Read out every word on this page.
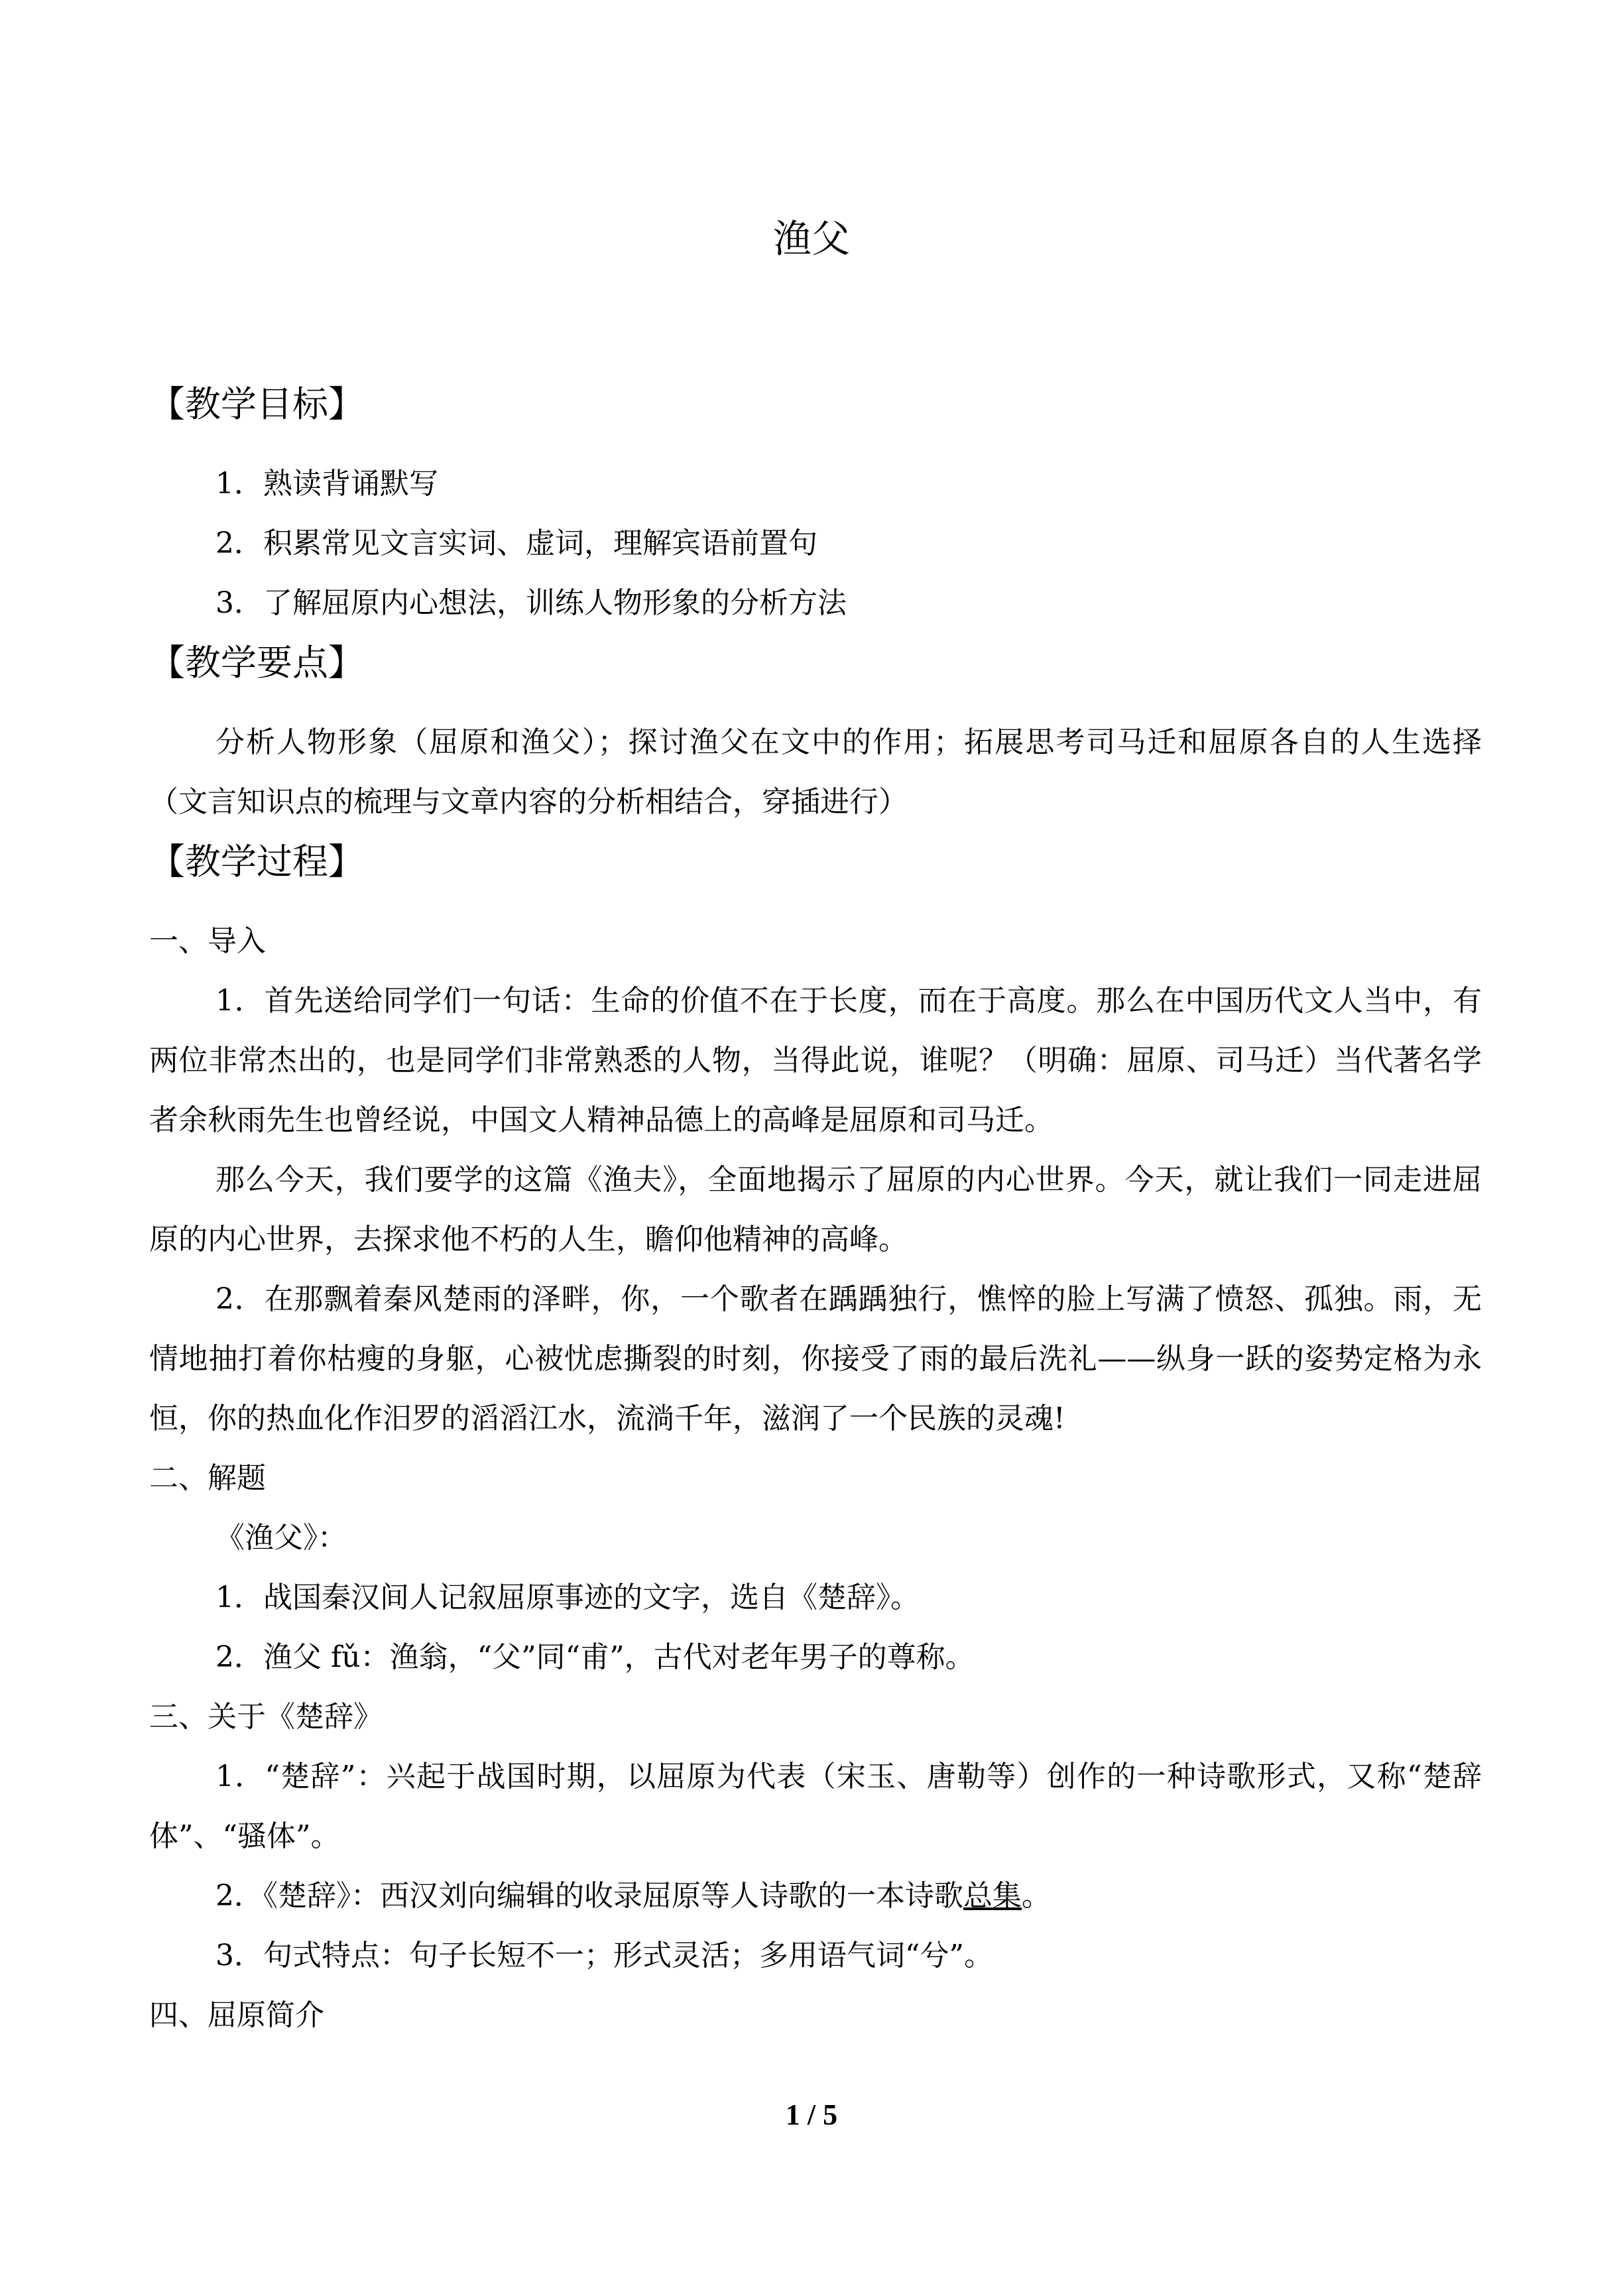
渔父
【教学目标】
1．熟读背诵默写
2．积累常见文言实词、虚词，理解宾语前置句
3．了解屈原内心想法，训练人物形象的分析方法
【教学要点】

分析人物形象（屈原和渔父）；探讨渔父在文中的作用；拓展思考司马迁和屈原各自的人生选择（文言知识点的梳理与文章内容的分析相结合，穿插进行）

【教学过程】

一、导入

1．首先送给同学们一句话：生命的价值不在于长度，而在于高度。那么在中国历代文人当中，有两位非常杰出的，也是同学们非常熟悉的人物，当得此说，谁呢？（明确：屈原、司马迁）当代著名学者余秋雨先生也曾经说，中国文人精神品德上的高峰是屈原和司马迁。

那么今天，我们要学的这篇《渔夫》，全面地揭示了屈原的内心世界。今天，就让我们一同走进屈原的内心世界，去探求他不朽的人生，瞻仰他精神的高峰。

2．在那飘着秦风楚雨的泽畔，你，一个歌者在踽踽独行，憔悴的脸上写满了愤怒、孤独。雨，无情地抽打着你枯瘦的身躯，心被忧虑撕裂的时刻，你接受了雨的最后洗礼——纵身一跃的姿势定格为永恒，你的热血化作汨罗的滔滔江水，流淌千年，滋润了一个民族的灵魂!

二、解题

《渔父》：

1．战国秦汉间人记叙屈原事迹的文字，选自《楚辞》。

2．渔父 fǔ：渔翁，“父”同“甫”，古代对老年男子的尊称。

三、关于《楚辞》

1．“楚辞”：兴起于战国时期，以屈原为代表（宋玉、唐勒等）创作的一种诗歌形式，又称“楚辞体”、“骚体”。

2．《楚辞》：西汉刘向编辑的收录屈原等人诗歌的一本诗歌总集。

3．句式特点：句子长短不一；形式灵活；多用语气词“兮”。

四、屈原简介

1 / 5
